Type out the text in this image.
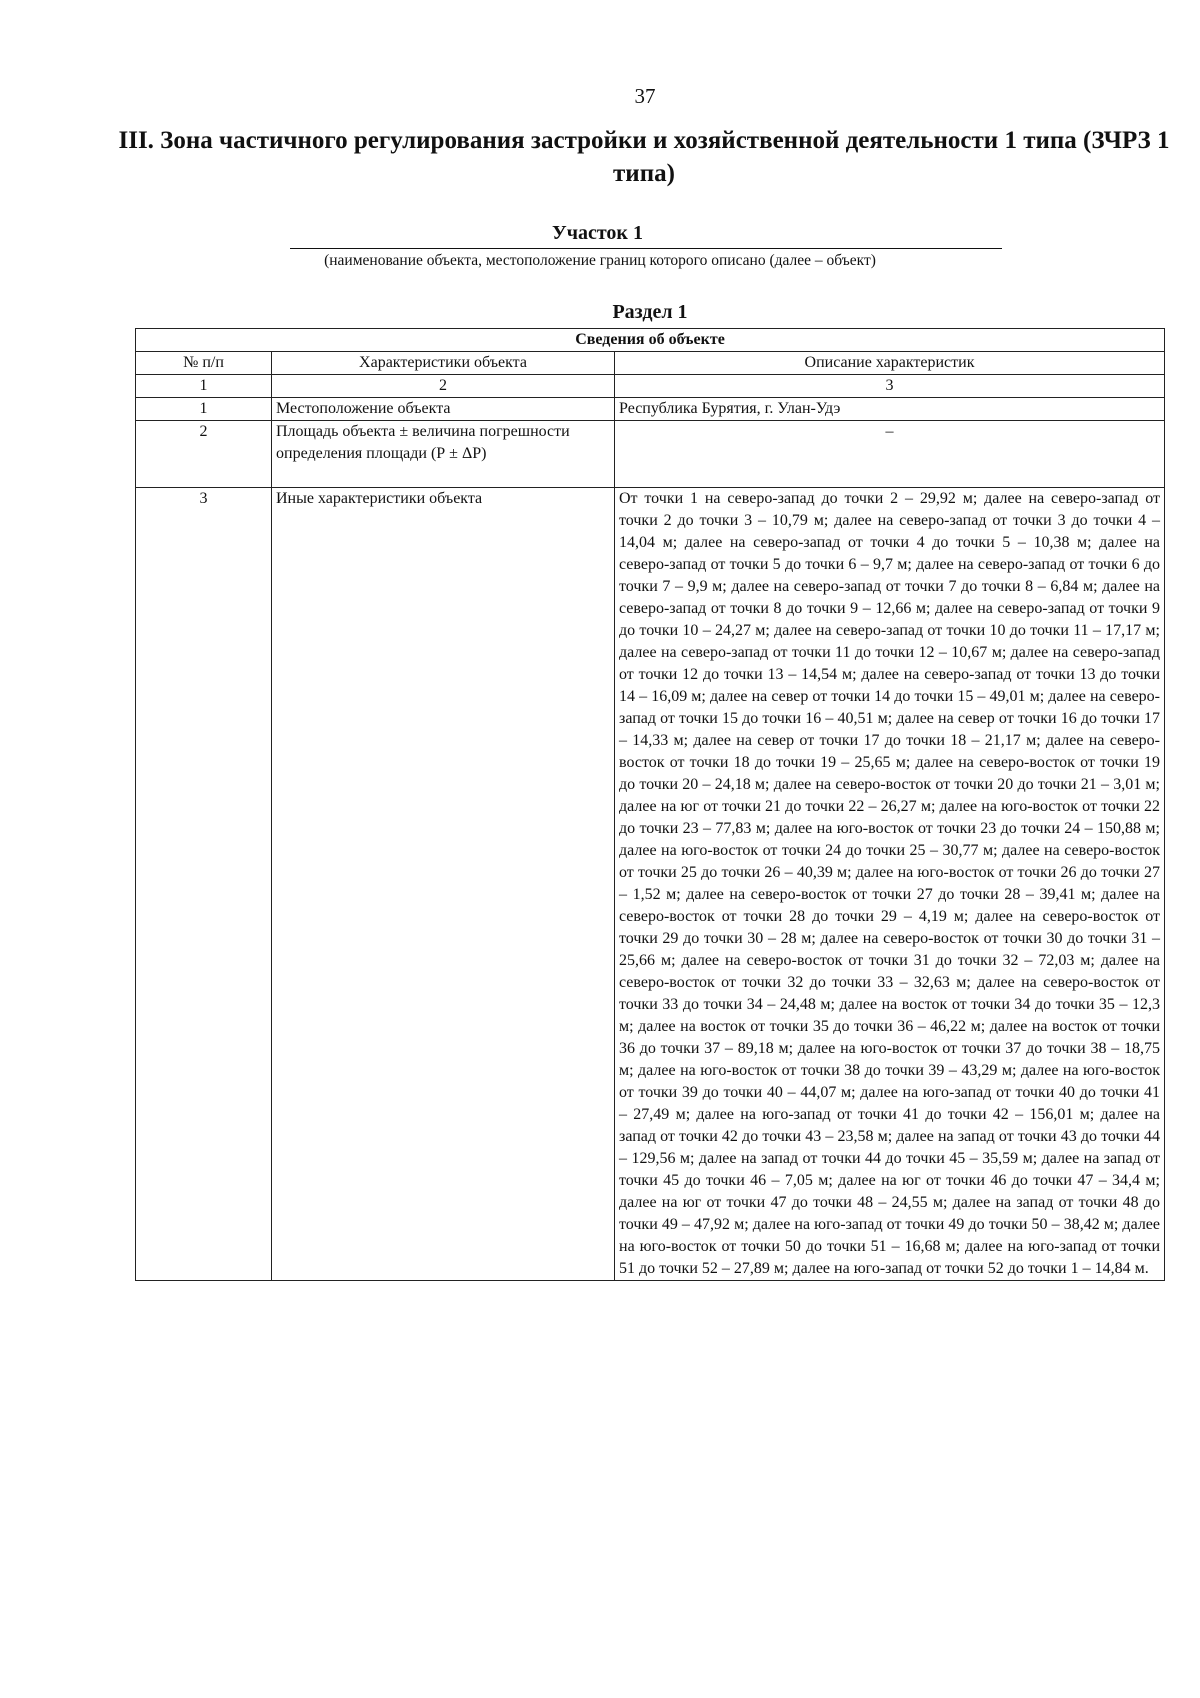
37
III. Зона частичного регулирования застройки и хозяйственной деятельности 1 типа (ЗЧРЗ 1 типа)
Участок 1
(наименование объекта, местоположение границ которого описано (далее – объект)
Раздел 1
Сведения об объекте		
№ п/п	Характеристики объекта	Описание характеристик
1	2	3
1	Местоположение объекта	Республика Бурятия, г. Улан-Удэ
2	Площадь объекта ± величина погрешности определения площади (Р ± ΔР)	–
3	Иные характеристики объекта	От точки 1 на северо-запад до точки 2 – 29,92 м; далее на северо-запад от точки 2 до точки 3 – 10,79 м; далее на северо-запад от точки 3 до точки 4 – 14,04 м; далее на северо-запад от точки 4 до точки 5 – 10,38 м; далее на северо-запад от точки 5 до точки 6 – 9,7 м; далее на северо-запад от точки 6 до точки 7 – 9,9 м; далее на северо-запад от точки 7 до точки 8 – 6,84 м; далее на северо-запад от точки 8 до точки 9 – 12,66 м; далее на северо-запад от точки 9 до точки 10 – 24,27 м; далее на северо-запад от точки 10 до точки 11 – 17,17 м; далее на северо-запад от точки 11 до точки 12 – 10,67 м; далее на северо-запад от точки 12 до точки 13 – 14,54 м; далее на северо-запад от точки 13 до точки 14 – 16,09 м; далее на север от точки 14 до точки 15 – 49,01 м; далее на северо-запад от точки 15 до точки 16 – 40,51 м; далее на север от точки 16 до точки 17 – 14,33 м; далее на север от точки 17 до точки 18 – 21,17 м; далее на северо-восток от точки 18 до точки 19 – 25,65 м; далее на северо-восток от точки 19 до точки 20 – 24,18 м; далее на северо-восток от точки 20 до точки 21 – 3,01 м; далее на юг от точки 21 до точки 22 – 26,27 м; далее на юго-восток от точки 22 до точки 23 – 77,83 м; далее на юго-восток от точки 23 до точки 24 – 150,88 м; далее на юго-восток от точки 24 до точки 25 – 30,77 м; далее на северо-восток от точки 25 до точки 26 – 40,39 м; далее на юго-восток от точки 26 до точки 27 – 1,52 м; далее на северо-восток от точки 27 до точки 28 – 39,41 м; далее на северо-восток от точки 28 до точки 29 – 4,19 м; далее на северо-восток от точки 29 до точки 30 – 28 м; далее на северо-восток от точки 30 до точки 31 – 25,66 м; далее на северо-восток от точки 31 до точки 32 – 72,03 м; далее на северо-восток от точки 32 до точки 33 – 32,63 м; далее на северо-восток от точки 33 до точки 34 – 24,48 м; далее на восток от точки 34 до точки 35 – 12,3 м; далее на восток от точки 35 до точки 36 – 46,22 м; далее на восток от точки 36 до точки 37 – 89,18 м; далее на юго-восток от точки 37 до точки 38 – 18,75 м; далее на юго-восток от точки 38 до точки 39 – 43,29 м; далее на юго-восток от точки 39 до точки 40 – 44,07 м; далее на юго-запад от точки 40 до точки 41 – 27,49 м; далее на юго-запад от точки 41 до точки 42 – 156,01 м; далее на запад от точки 42 до точки 43 – 23,58 м; далее на запад от точки 43 до точки 44 – 129,56 м; далее на запад от точки 44 до точки 45 – 35,59 м; далее на запад от точки 45 до точки 46 – 7,05 м; далее на юг от точки 46 до точки 47 – 34,4 м; далее на юг от точки 47 до точки 48 – 24,55 м; далее на запад от точки 48 до точки 49 – 47,92 м; далее на юго-запад от точки 49 до точки 50 – 38,42 м; далее на юго-восток от точки 50 до точки 51 – 16,68 м; далее на юго-запад от точки 51 до точки 52 – 27,89 м; далее на юго-запад от точки 52 до точки 1 – 14,84 м.
